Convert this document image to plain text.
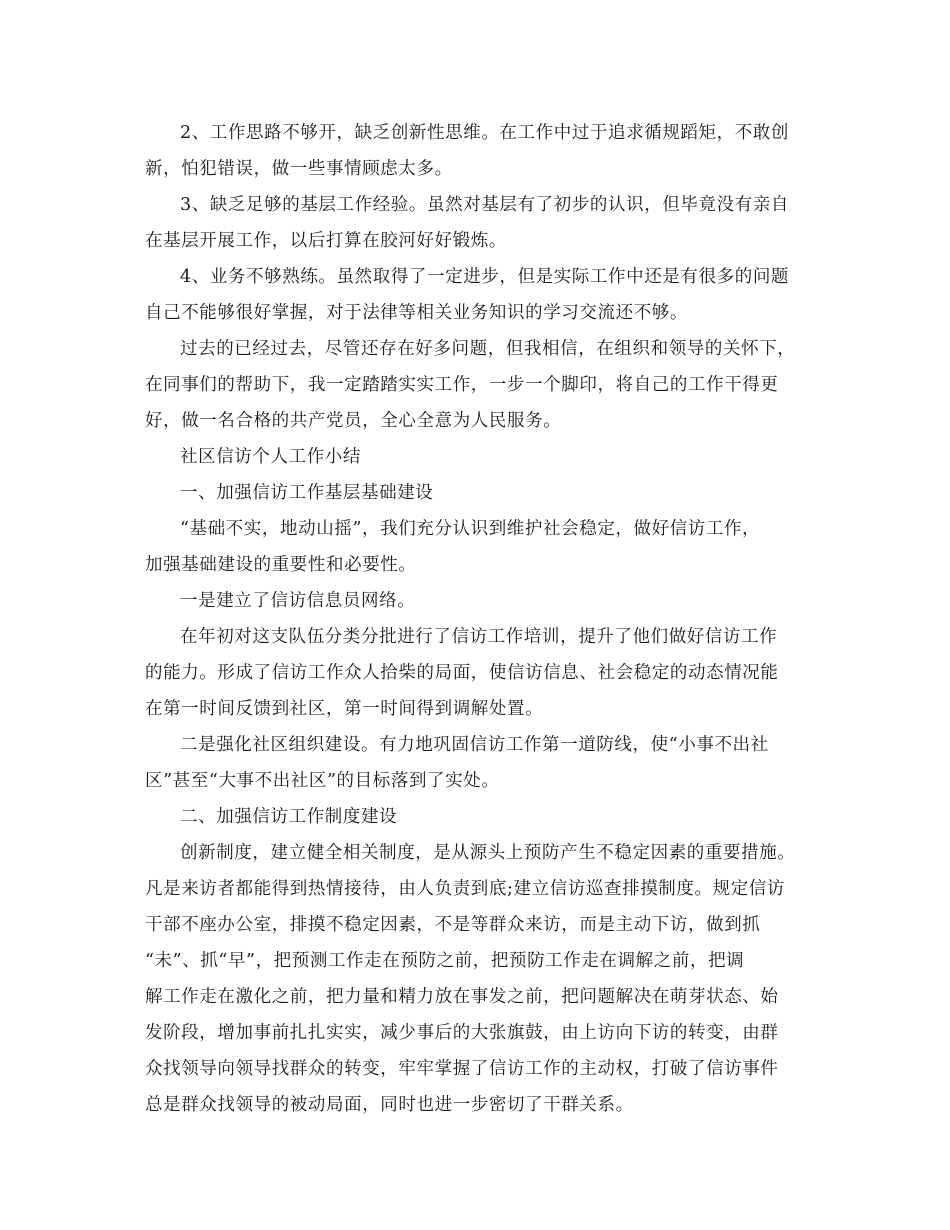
2、工作思路不够开，缺乏创新性思维。在工作中过于追求循规蹈矩，不敢创
新，怕犯错误，做一些事情顾虑太多。

3、缺乏足够的基层工作经验。虽然对基层有了初步的认识，但毕竟没有亲自
在基层开展工作，以后打算在胶河好好锻炼。

4、业务不够熟练。虽然取得了一定进步，但是实际工作中还是有很多的问题
自己不能够很好掌握，对于法律等相关业务知识的学习交流还不够。

过去的已经过去，尽管还存在好多问题，但我相信，在组织和领导的关怀下，
在同事们的帮助下，我一定踏踏实实工作，一步一个脚印，将自己的工作干得更
好，做一名合格的共产党员，全心全意为人民服务。

社区信访个人工作小结

一、加强信访工作基层基础建设

“基础不实，地动山摇”，我们充分认识到维护社会稳定，做好信访工作，
加强基础建设的重要性和必要性。

一是建立了信访信息员网络。

在年初对这支队伍分类分批进行了信访工作培训，提升了他们做好信访工作
的能力。形成了信访工作众人拾柴的局面，使信访信息、社会稳定的动态情况能
在第一时间反馈到社区，第一时间得到调解处置。

二是强化社区组织建设。有力地巩固信访工作第一道防线，使“小事不出社
区”甚至“大事不出社区”的目标落到了实处。

二、加强信访工作制度建设

创新制度，建立健全相关制度，是从源头上预防产生不稳定因素的重要措施。
凡是来访者都能得到热情接待，由人负责到底;建立信访巡查排摸制度。规定信访
干部不座办公室，排摸不稳定因素，不是等群众来访，而是主动下访，做到抓
“未”、抓“早”，把预测工作走在预防之前，把预防工作走在调解之前，把调
解工作走在激化之前，把力量和精力放在事发之前，把问题解决在萌芽状态、始
发阶段，增加事前扎扎实实，减少事后的大张旗鼓，由上访向下访的转变，由群
众找领导向领导找群众的转变，牢牢掌握了信访工作的主动权，打破了信访事件
总是群众找领导的被动局面，同时也进一步密切了干群关系。
